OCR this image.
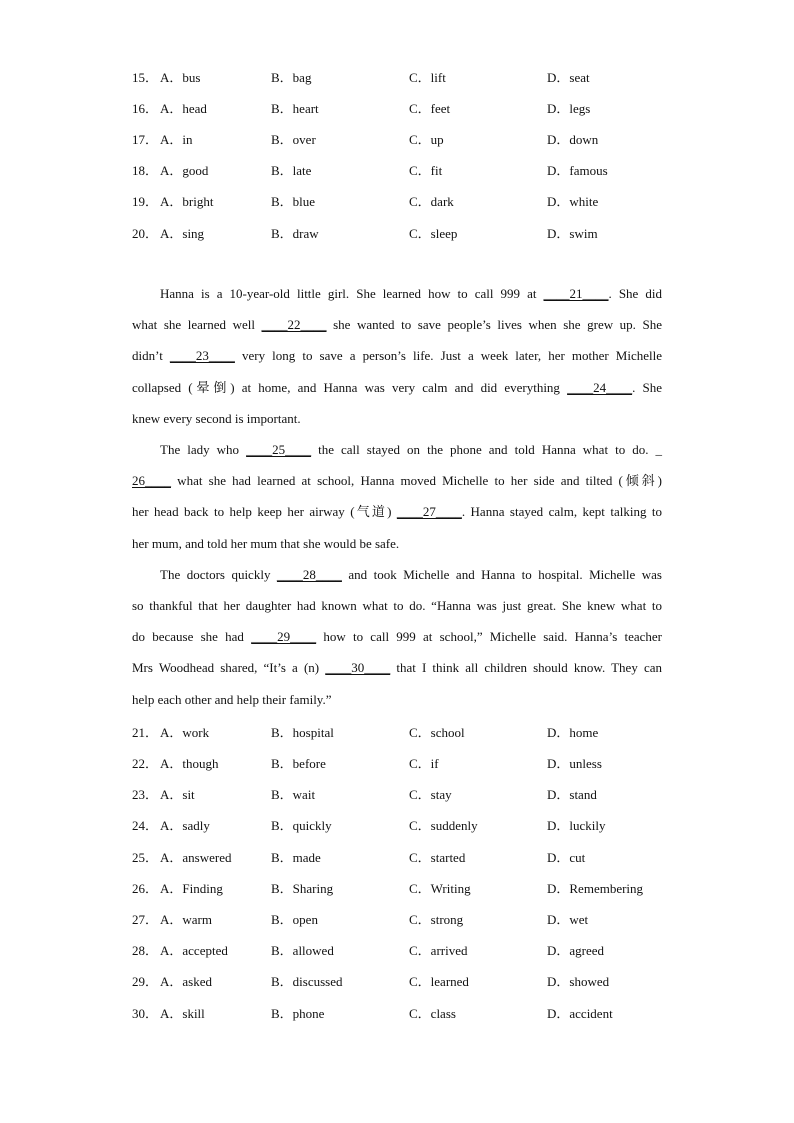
15． A．bus	B．bag	C．lift	D．seat
16． A．head	B．heart	C．feet	D．legs
17． A．in	B．over	C．up	D．down
18． A．good	B．late	C．fit	D．famous
19． A．bright	B．blue	C．dark	D．white
20． A．sing	B．draw	C．sleep	D．swim
Hanna is a 10-year-old little girl. She learned how to call 999 at ____21____. She did
what she learned well ____22____ she wanted to save people’s lives when she grew up. She
didn’t ____23____ very long to save a person’s life. Just a week later, her mother Michelle
collapsed (晕倒) at home, and Hanna was very calm and did everything ____24____. She
knew every second is important.
The lady who ____25____ the call stayed on the phone and told Hanna what to do. _
26____ what she had learned at school, Hanna moved Michelle to her side and tilted (倾斜)
her head back to help keep her airway (气道) ____27____. Hanna stayed calm, kept talking to
her mum, and told her mum that she would be safe.
The doctors quickly ____28____ and took Michelle and Hanna to hospital. Michelle was
so thankful that her daughter had known what to do. “Hanna was just great. She knew what to
do because she had ____29____ how to call 999 at school,” Michelle said. Hanna’s teacher
Mrs Woodhead shared, “It’s a (n) ____30____ that I think all children should know. They can
help each other and help their family.”
21． A．work	B．hospital	C．school	D．home
22． A．though	B．before	C．if	D．unless
23． A．sit	B．wait	C．stay	D．stand
24． A．sadly	B．quickly	C．suddenly	D．luckily
25． A．answered	B．made	C．started	D．cut
26． A．Finding	B．Sharing	C．Writing	D．Remembering
27． A．warm	B．open	C．strong	D．wet
28． A．accepted	B．allowed	C．arrived	D．agreed
29． A．asked	B．discussed	C．learned	D．showed
30． A．skill	B．phone	C．class	D．accident
